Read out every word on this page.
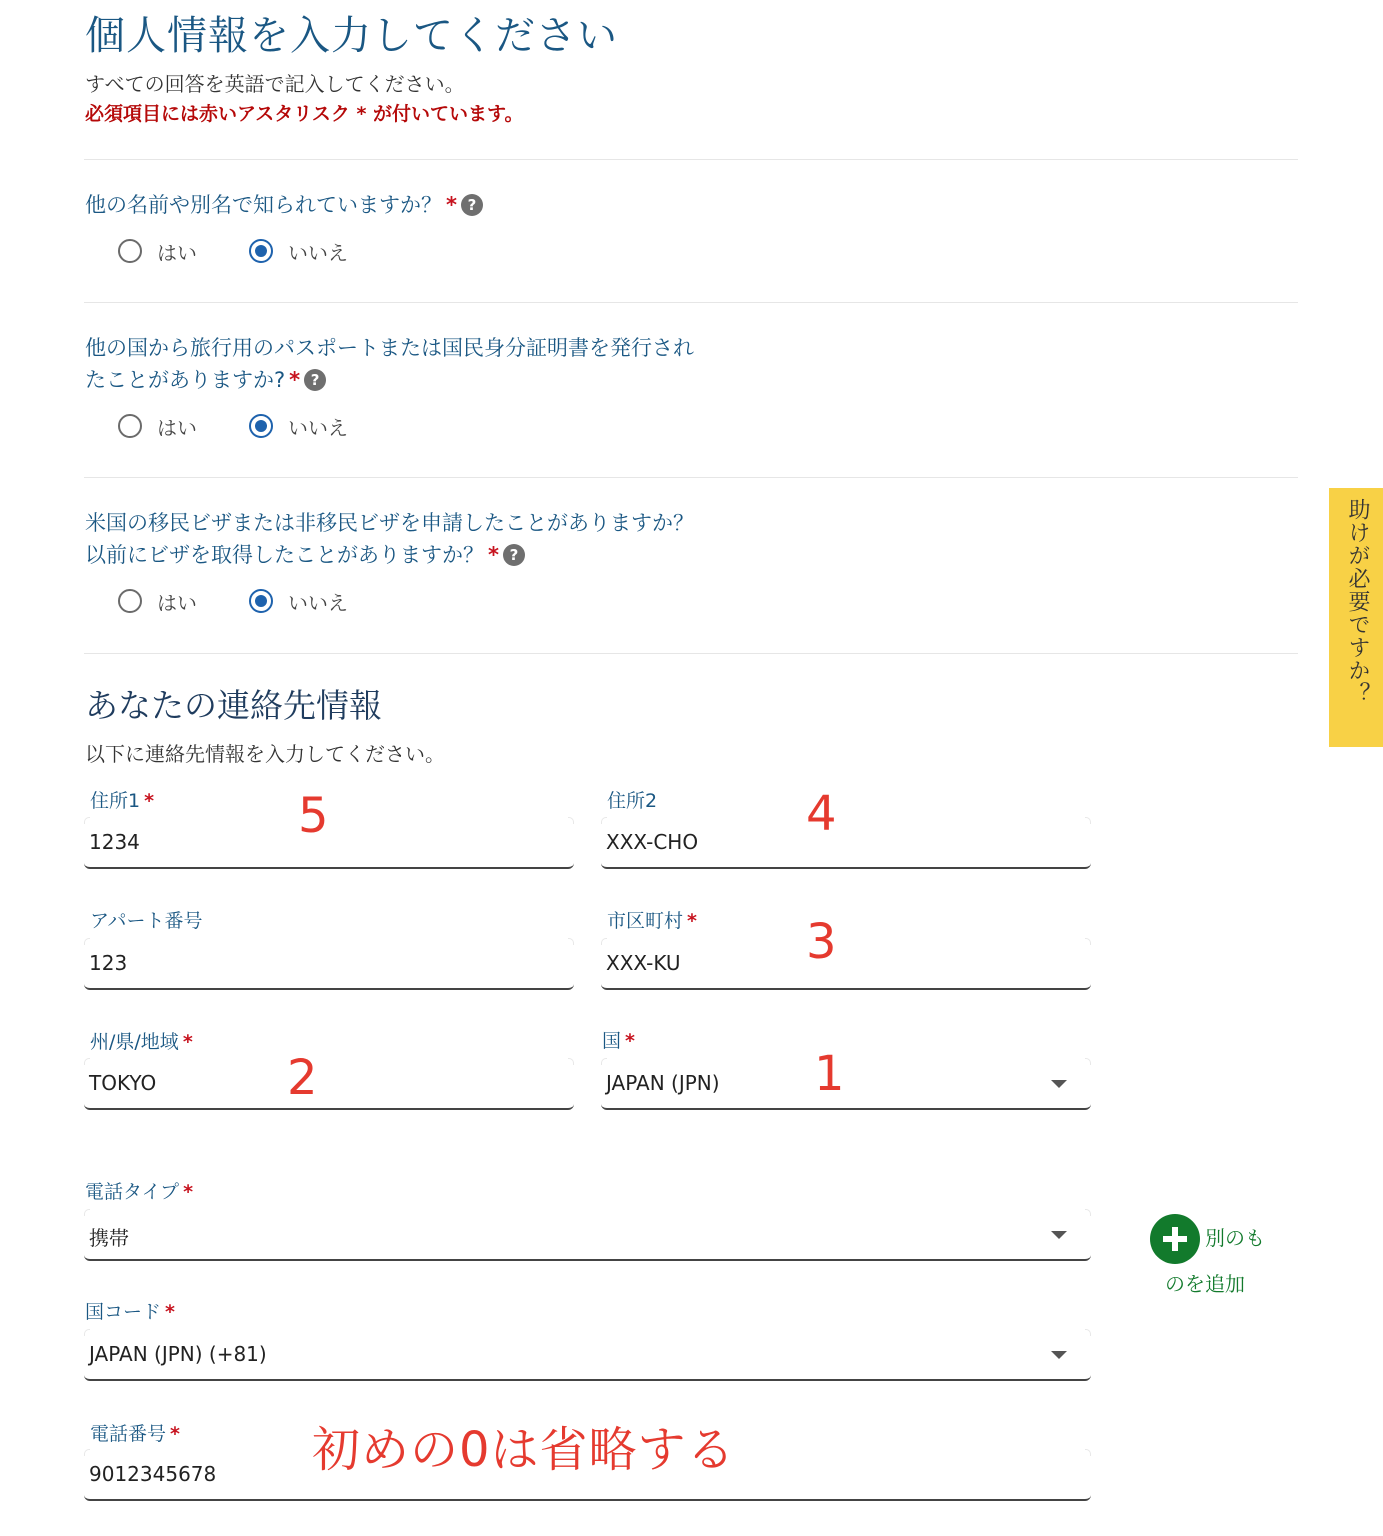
個人情報を入力してください
すべての回答を英語で記入してください。
必須項目には赤いアスタリスク * が付いています。
他の名前や別名で知られていますか？ * ?
はい	いいえ
他の国から旅行用のパスポートまたは国民身分証明書を発行され
たことがありますか? * ?
はい	いいえ
米国の移民ビザまたは非移民ビザを申請したことがありますか？
以前にビザを取得したことがありますか？ * ?
はい	いいえ
あなたの連絡先情報
以下に連絡先情報を入力してください。
住所1 *
1234
住所2
XXX-CHO
アパート番号
123
市区町村 *
XXX-KU
州/県/地域 *
TOKYO
国 *
JAPAN (JPN)
電話タイプ *
携帯	別のも
のを追加
国コード *
JAPAN (JPN) (+81)
電話番号 *
9012345678
5	4
3
2	1
初めの0は省略する
助けが必要ですか？
